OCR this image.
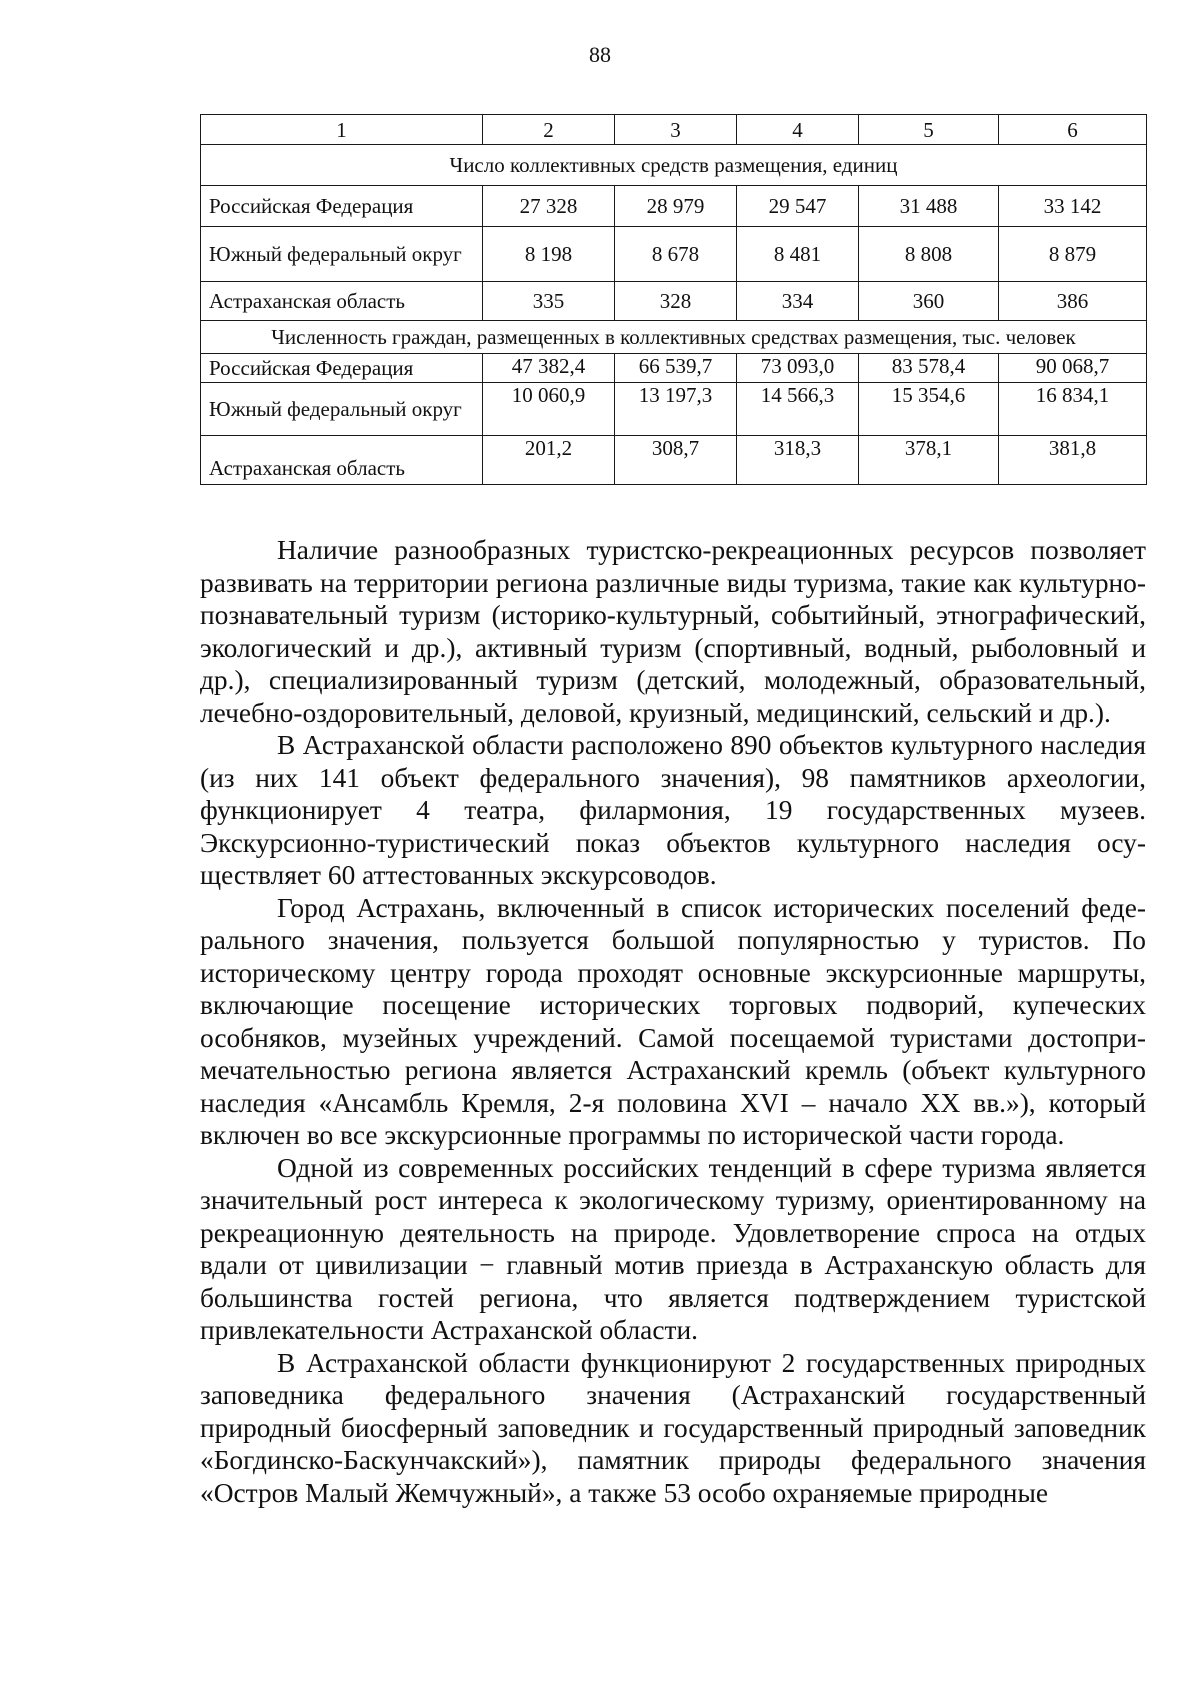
88
1	2	3	4	5	6
Число коллективных средств размещения, единиц					
Российская Федерация	27 328	28 979	29 547	31 488	33 142
Южный федеральный округ	8 198	8 678	8 481	8 808	8 879
Астраханская область	335	328	334	360	386
Численность граждан, размещенных в коллективных средствах размещения, тыс. человек					
Российская Федерация	47 382,4	66 539,7	73 093,0	83 578,4	90 068,7
Южный федеральный округ	10 060,9	13 197,3	14 566,3	15 354,6	16 834,1
Астраханская область	201,2	308,7	318,3	378,1	381,8

Наличие разнообразных туристско-рекреационных ресурсов позволяет развивать на территории региона различные виды туризма, такие как культурно-познавательный туризм (историко-культурный, событийный, этнографический, экологический и др.), активный туризм (спортивный, водный, рыболовный и др.), специализированный туризм (детский, молодежный, образовательный, лечебно-оздоровительный, деловой, круизный, медицинский, сельский и др.).

В Астраханской области расположено 890 объектов культурного наследия (из них 141 объект федерального значения), 98 памятников археологии, функционирует 4 театра, филармония, 19 государственных музеев. Экскурсионно-туристический показ объектов культурного наследия осуществляет 60 аттестованных экскурсоводов.

Город Астрахань, включенный в список исторических поселений федерального значения, пользуется большой популярностью у туристов. По историческому центру города проходят основные экскурсионные маршруты, включающие посещение исторических торговых подворий, купеческих особняков, музейных учреждений. Самой посещаемой туристами достопримечательностью региона является Астраханский кремль (объект культурного наследия «Ансамбль Кремля, 2-я половина XVI – начало XX вв.»), который включен во все экскурсионные программы по исторической части города.

Одной из современных российских тенденций в сфере туризма является значительный рост интереса к экологическому туризму, ориентированному на рекреационную деятельность на природе. Удовлетворение спроса на отдых вдали от цивилизации − главный мотив приезда в Астраханскую область для большинства гостей региона, что является подтверждением туристской привлекательности Астраханской области.

В Астраханской области функционируют 2 государственных природных заповедника федерального значения (Астраханский государственный природный биосферный заповедник и государственный природный заповедник «Богдинско-Баскунчакский»), памятник природы федерального значения «Остров Малый Жемчужный», а также 53 особо охраняемые природные
